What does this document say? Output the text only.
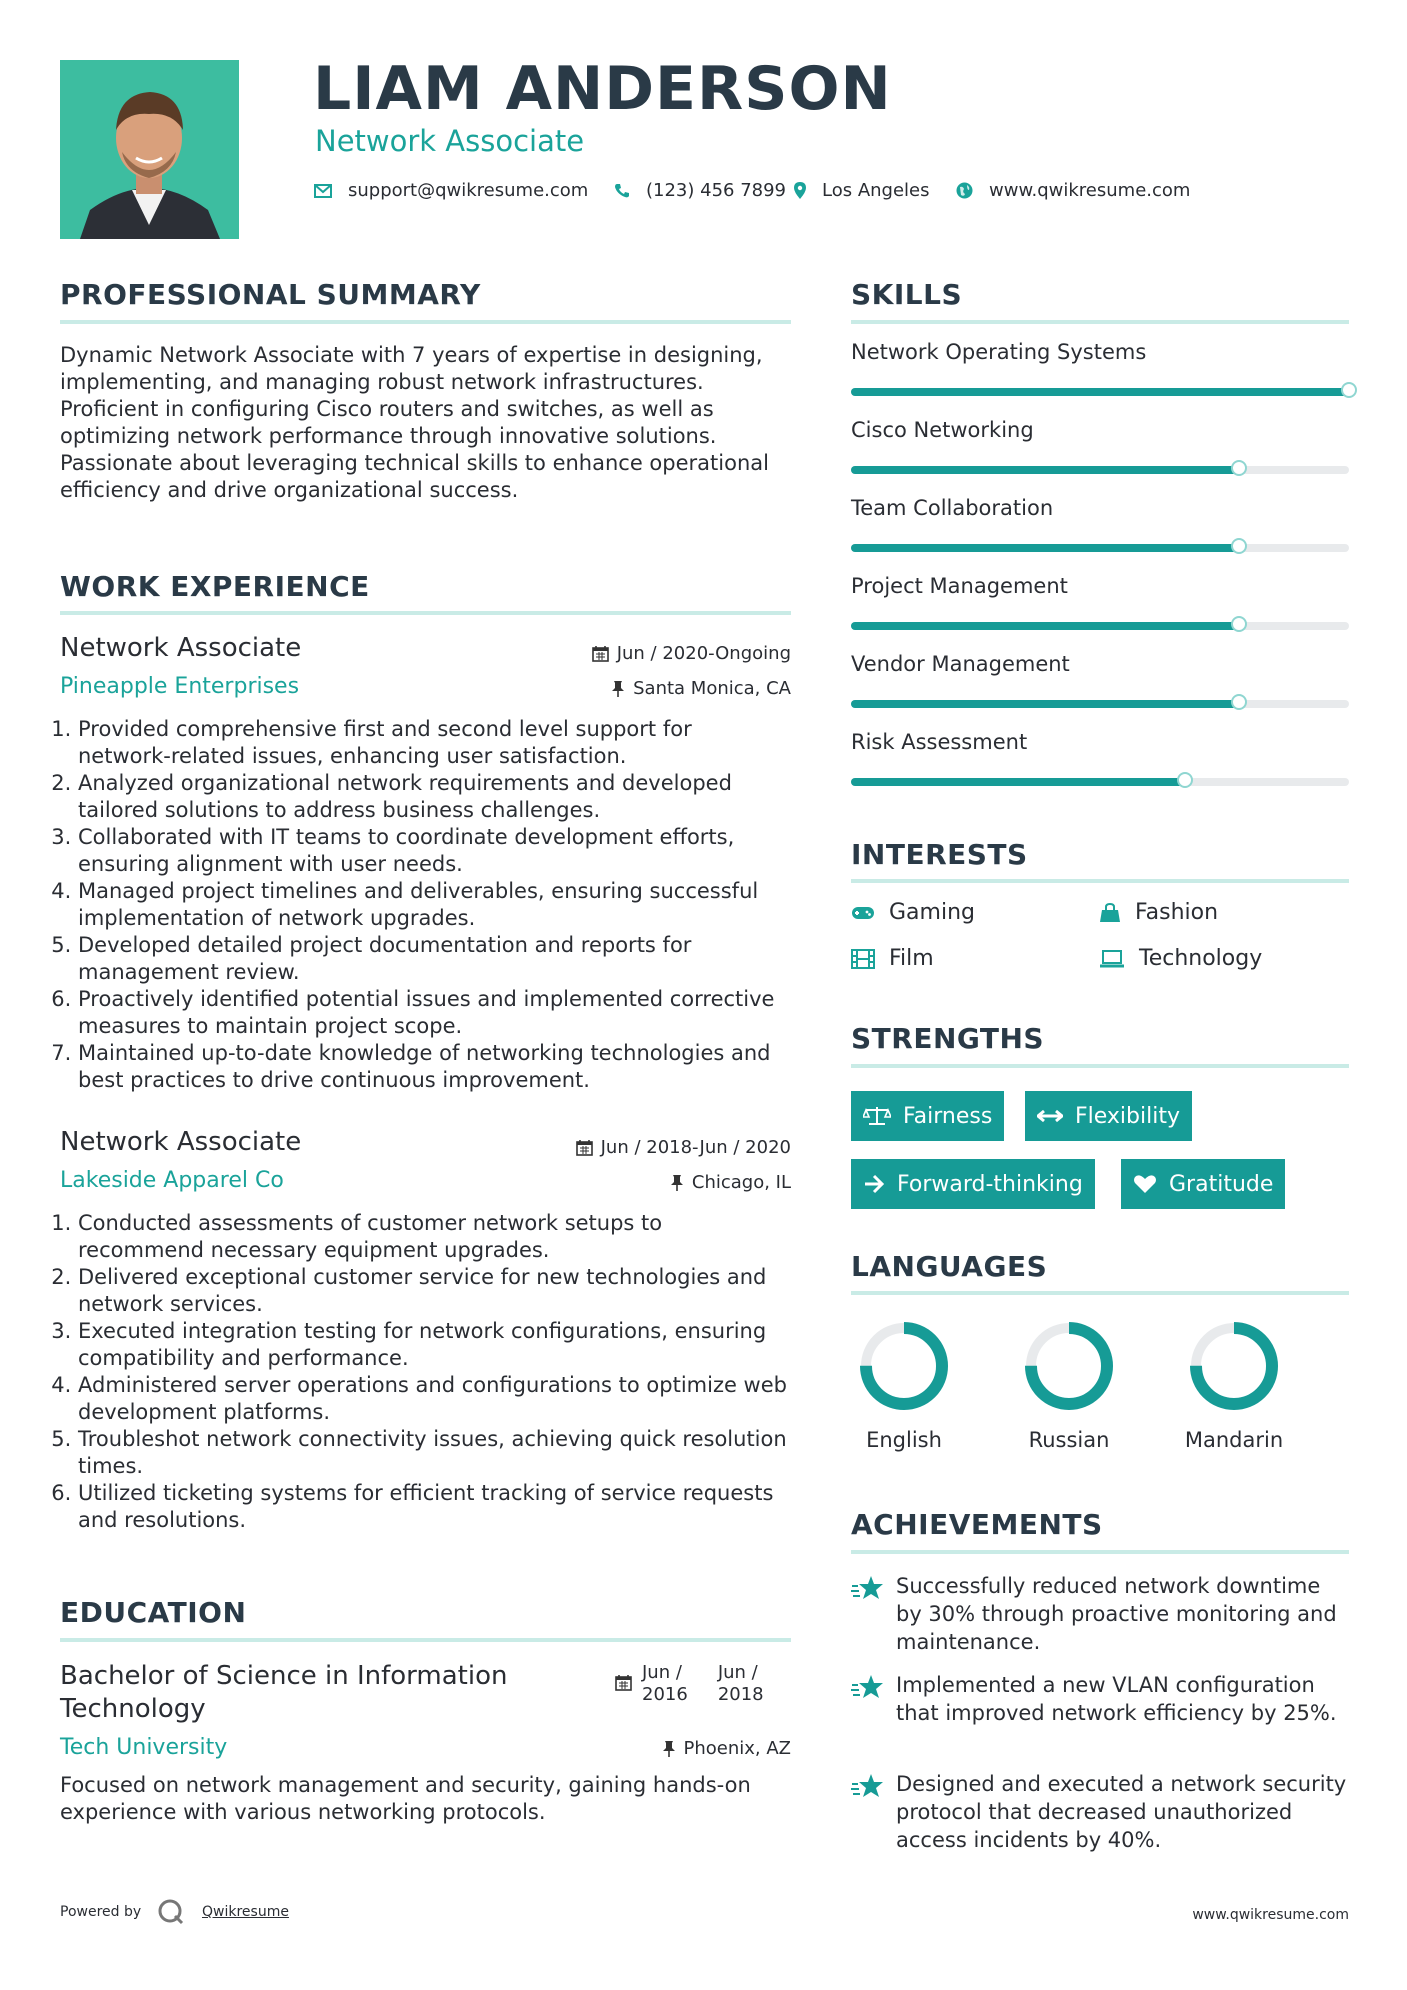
LIAM ANDERSON
Network Associate
support@qwikresume.com	(123) 456 7899 Los Angeles	www.qwikresume.com
PROFESSIONAL SUMMARY
Dynamic Network Associate with 7 years of expertise in designing, implementing, and managing robust network infrastructures. Proficient in configuring Cisco routers and switches, as well as optimizing network performance through innovative solutions. Passionate about leveraging technical skills to enhance operational efficiency and drive organizational success.
WORK EXPERIENCE
Network Associate	Jun / 2020-Ongoing
Pineapple Enterprises	Santa Monica, CA
1. Provided comprehensive first and second level support for network-related issues, enhancing user satisfaction.
2. Analyzed organizational network requirements and developed tailored solutions to address business challenges.
3. Collaborated with IT teams to coordinate development efforts, ensuring alignment with user needs.
4. Managed project timelines and deliverables, ensuring successful implementation of network upgrades.
5. Developed detailed project documentation and reports for management review.
6. Proactively identified potential issues and implemented corrective measures to maintain project scope.
7. Maintained up-to-date knowledge of networking technologies and best practices to drive continuous improvement.
Network Associate	Jun / 2018-Jun / 2020
Lakeside Apparel Co	Chicago, IL
1. Conducted assessments of customer network setups to recommend necessary equipment upgrades.
2. Delivered exceptional customer service for new technologies and network services.
3. Executed integration testing for network configurations, ensuring compatibility and performance.
4. Administered server operations and configurations to optimize web development platforms.
5. Troubleshot network connectivity issues, achieving quick resolution times.
6. Utilized ticketing systems for efficient tracking of service requests and resolutions.
EDUCATION
Bachelor of Science in Information Technology
Jun /
2016
Jun /
2018
Tech University	Phoenix, AZ
Focused on network management and security, gaining hands-on experience with various networking protocols.
SKILLS
Network Operating Systems
Cisco Networking
Team Collaboration
Project Management
Vendor Management
Risk Assessment
INTERESTS
Gaming	Fashion
Film	Technology
STRENGTHS
Fairness	Flexibility
Forward-thinking	Gratitude
LANGUAGES
English	Russian	Mandarin
ACHIEVEMENTS
Successfully reduced network downtime by 30% through proactive monitoring and maintenance.
Implemented a new VLAN configuration that improved network efficiency by 25%.
Designed and executed a network security protocol that decreased unauthorized access incidents by 40%.
Powered by	Qwikresume	www.qwikresume.com
